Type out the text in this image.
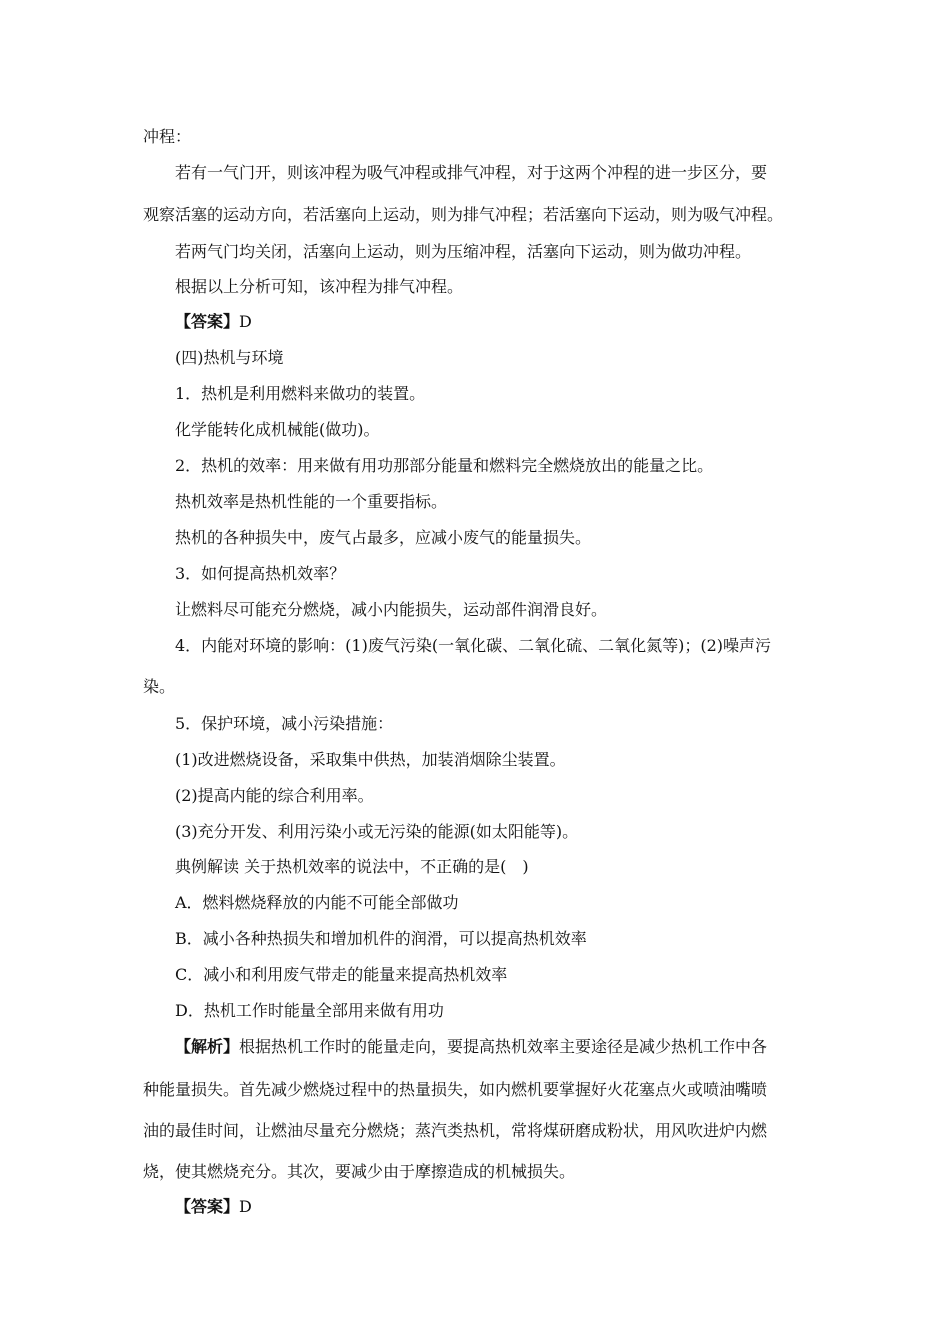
冲程：
若有一气门开，则该冲程为吸气冲程或排气冲程，对于这两个冲程的进一步区分，要
观察活塞的运动方向，若活塞向上运动，则为排气冲程；若活塞向下运动，则为吸气冲程。
若两气门均关闭，活塞向上运动，则为压缩冲程，活塞向下运动，则为做功冲程。
根据以上分析可知，该冲程为排气冲程。
【答案】D
(四)热机与环境
1．热机是利用燃料来做功的装置。
化学能转化成机械能(做功)。
2．热机的效率：用来做有用功那部分能量和燃料完全燃烧放出的能量之比。
热机效率是热机性能的一个重要指标。
热机的各种损失中，废气占最多，应减小废气的能量损失。
3．如何提高热机效率？
让燃料尽可能充分燃烧，减小内能损失，运动部件润滑良好。
4．内能对环境的影响：(1)废气污染(一氧化碳、二氧化硫、二氧化氮等)；(2)噪声污
染。
5．保护环境，减小污染措施：
(1)改进燃烧设备，采取集中供热，加装消烟除尘装置。
(2)提高内能的综合利用率。
(3)充分开发、利用污染小或无污染的能源(如太阳能等)。
典例解读 关于热机效率的说法中，不正确的是(　)
A．燃料燃烧释放的内能不可能全部做功
B．减小各种热损失和增加机件的润滑，可以提高热机效率
C．减小和利用废气带走的能量来提高热机效率
D．热机工作时能量全部用来做有用功
【解析】根据热机工作时的能量走向，要提高热机效率主要途径是减少热机工作中各
种能量损失。首先减少燃烧过程中的热量损失，如内燃机要掌握好火花塞点火或喷油嘴喷
油的最佳时间，让燃油尽量充分燃烧；蒸汽类热机，常将煤研磨成粉状，用风吹进炉内燃
烧，使其燃烧充分。其次，要减少由于摩擦造成的机械损失。
【答案】D
